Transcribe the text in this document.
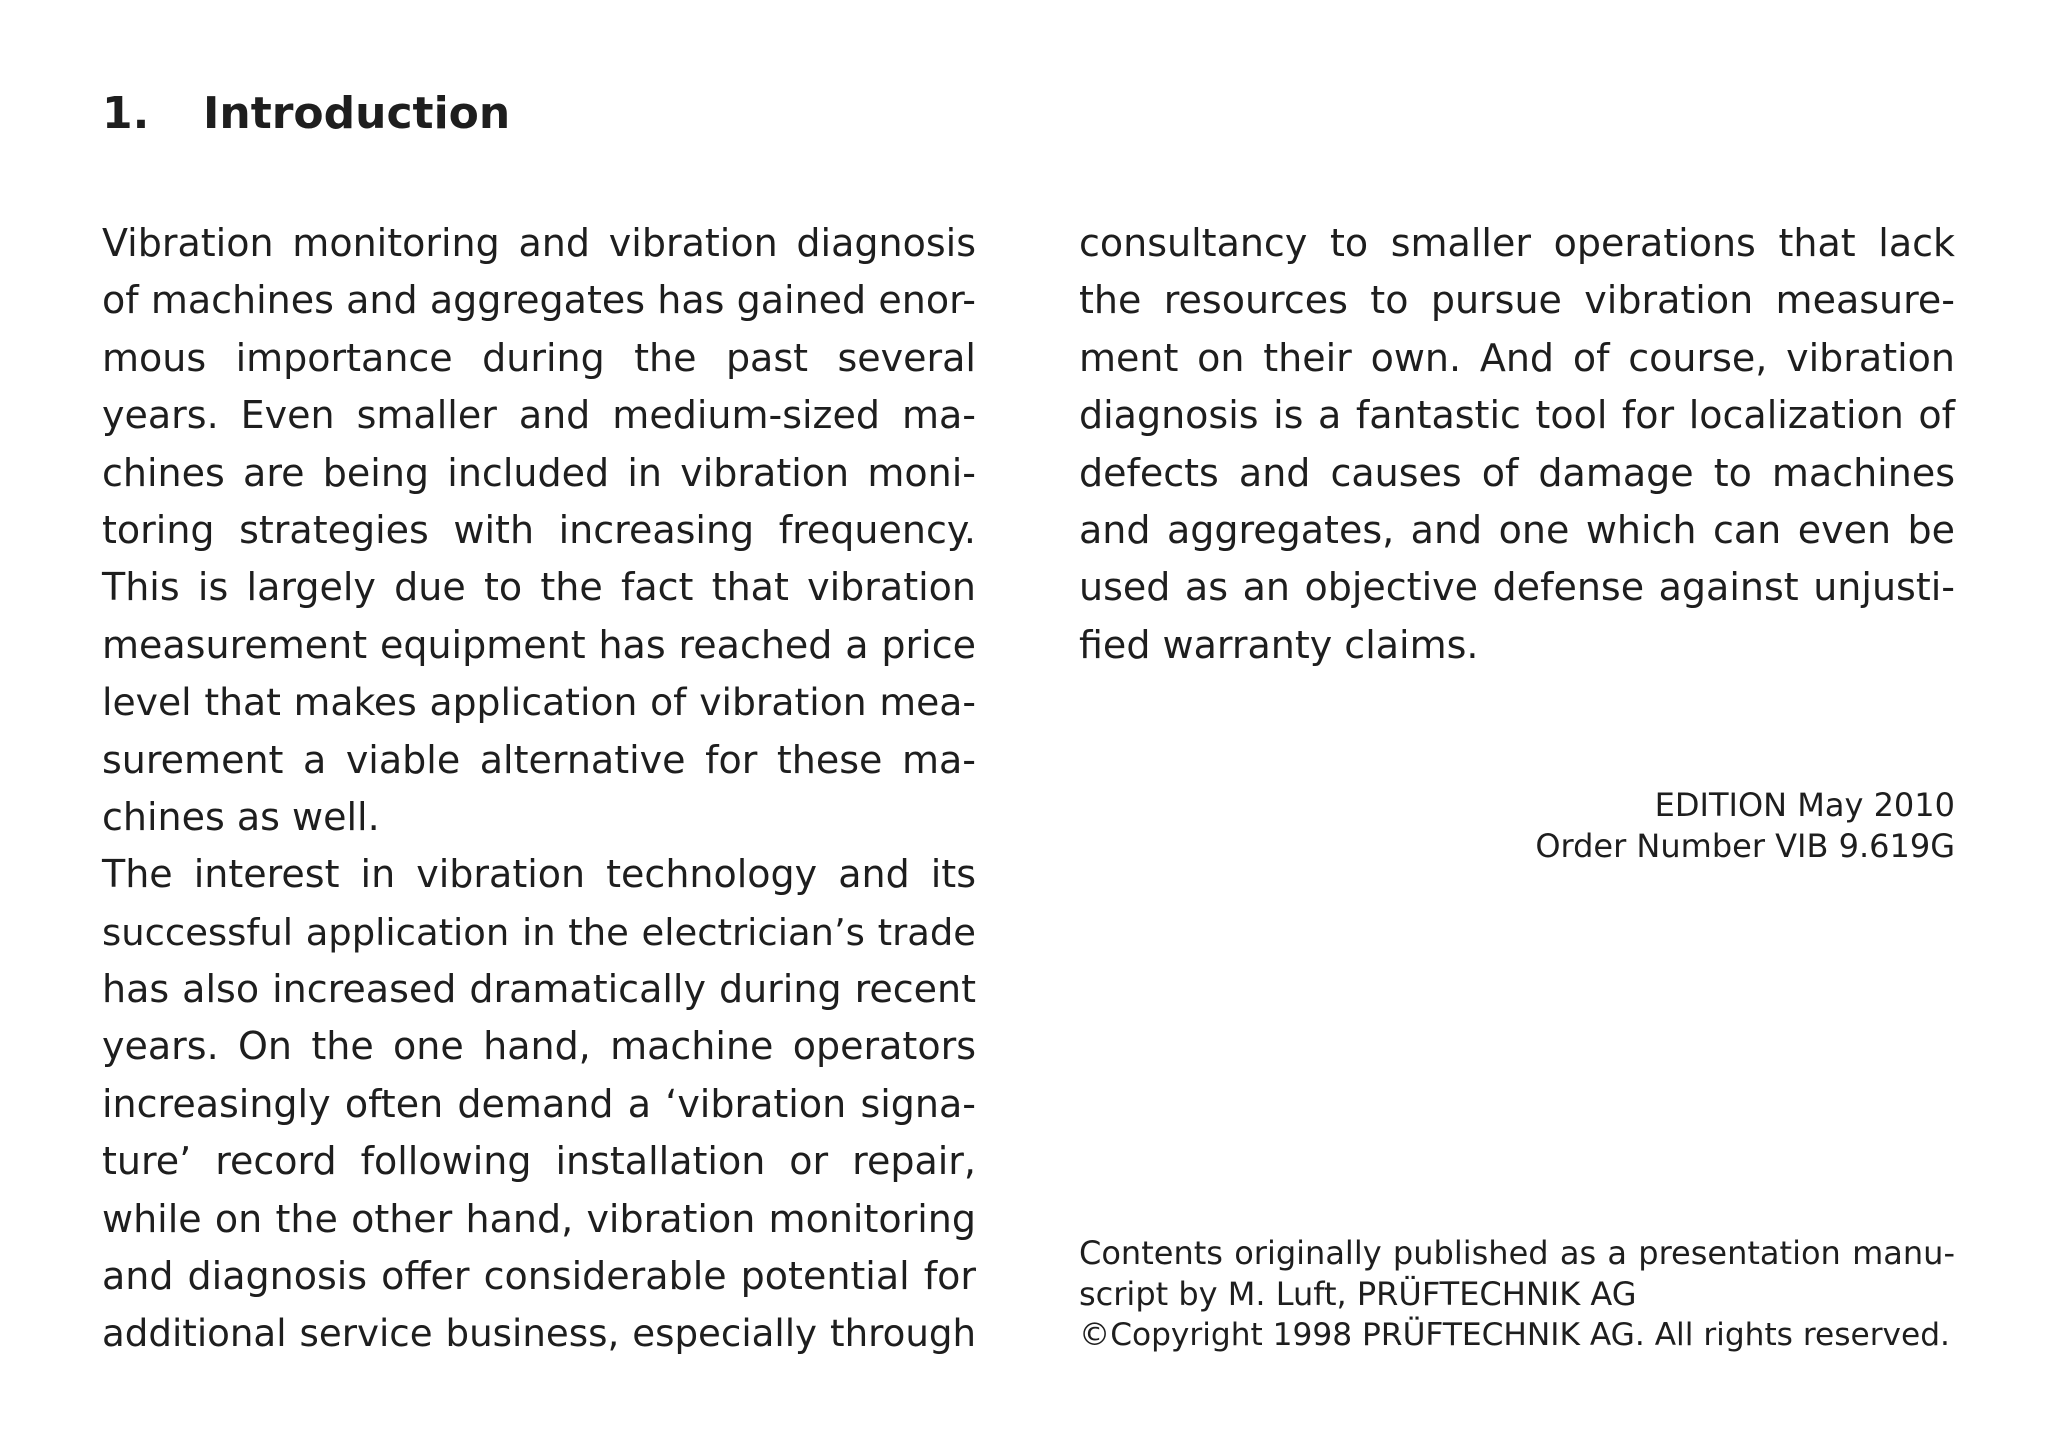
1. Introduction
Vibration monitoring and vibration diagnosis
of machines and aggregates has gained enor-
mous importance during the past several
years. Even smaller and medium-sized ma-
chines are being included in vibration moni-
toring strategies with increasing frequency.
This is largely due to the fact that vibration
measurement equipment has reached a price
level that makes application of vibration mea-
surement a viable alternative for these ma-
chines as well.
The interest in vibration technology and its
successful application in the electrician’s trade
has also increased dramatically during recent
years. On the one hand, machine operators
increasingly often demand a ‘vibration signa-
ture’ record following installation or repair,
while on the other hand, vibration monitoring
and diagnosis offer considerable potential for
additional service business, especially through
consultancy to smaller operations that lack
the resources to pursue vibration measure-
ment on their own. And of course, vibration
diagnosis is a fantastic tool for localization of
defects and causes of damage to machines
and aggregates, and one which can even be
used as an objective defense against unjusti-
fied warranty claims.
EDITION May 2010
Order Number VIB 9.619G
Contents originally published as a presentation manu-
script by M. Luft, PRÜFTECHNIK AG
©Copyright 1998 PRÜFTECHNIK AG. All rights reserved.
